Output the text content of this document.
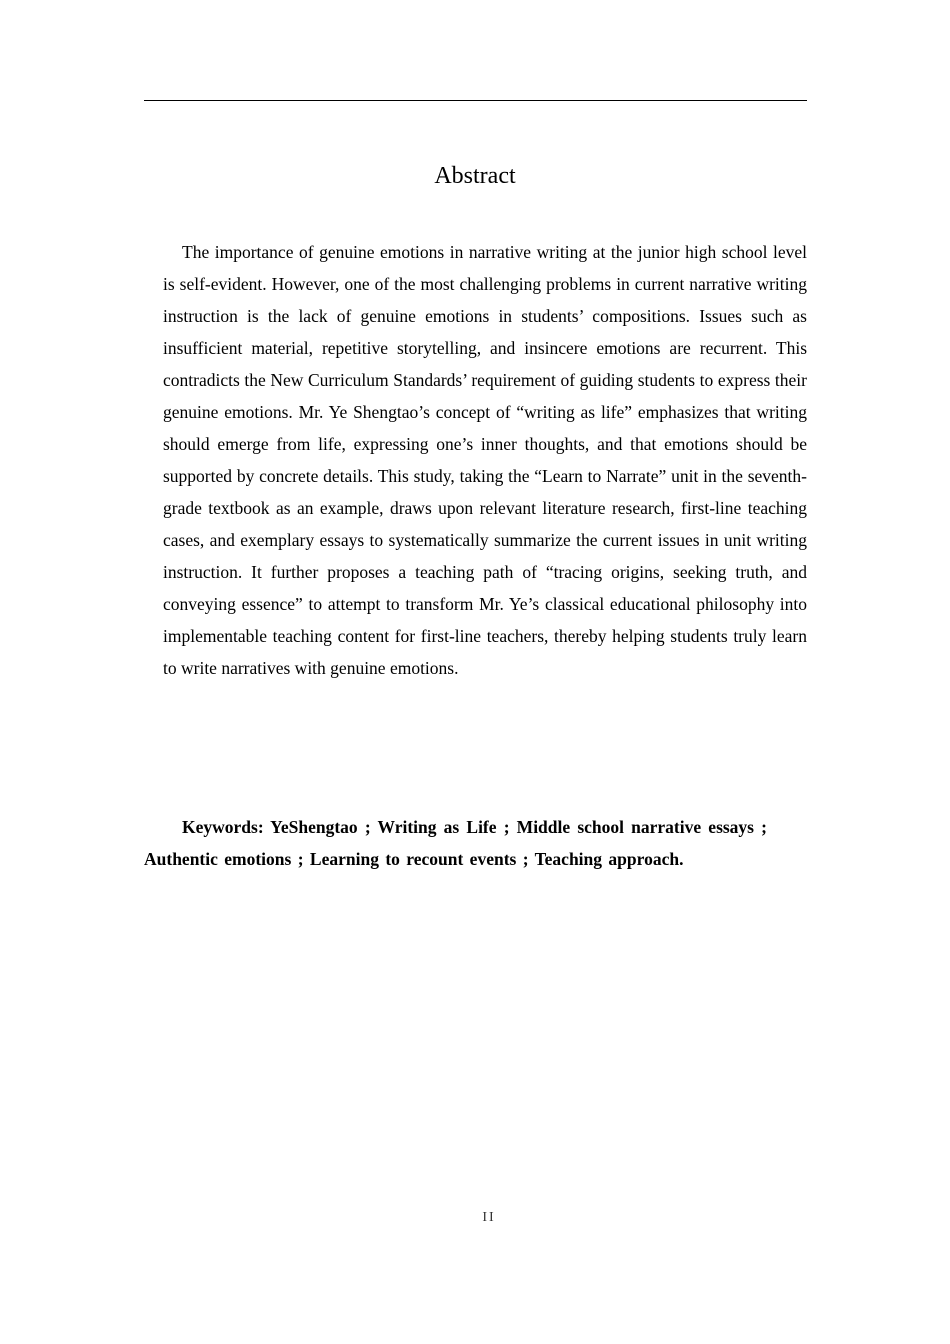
Abstract

The importance of genuine emotions in narrative writing at the junior high school level is self-evident. However, one of the most challenging problems in current narrative writing instruction is the lack of genuine emotions in students’ compositions. Issues such as insufficient material, repetitive storytelling, and insincere emotions are recurrent. This contradicts the New Curriculum Standards’ requirement of guiding students to express their genuine emotions. Mr. Ye Shengtao’s concept of “writing as life” emphasizes that writing should emerge from life, expressing one’s inner thoughts, and that emotions should be supported by concrete details. This study, taking the “Learn to Narrate” unit in the seventh-grade textbook as an example, draws upon relevant literature research, first-line teaching cases, and exemplary essays to systematically summarize the current issues in unit writing instruction. It further proposes a teaching path of “tracing origins, seeking truth, and conveying essence” to attempt to transform Mr. Ye’s classical educational philosophy into implementable teaching content for first-line teachers, thereby helping students truly learn to write narratives with genuine emotions.

Keywords: YeShengtao ; Writing as Life ; Middle school narrative essays ; Authentic emotions ; Learning to recount events ; Teaching approach.

II
